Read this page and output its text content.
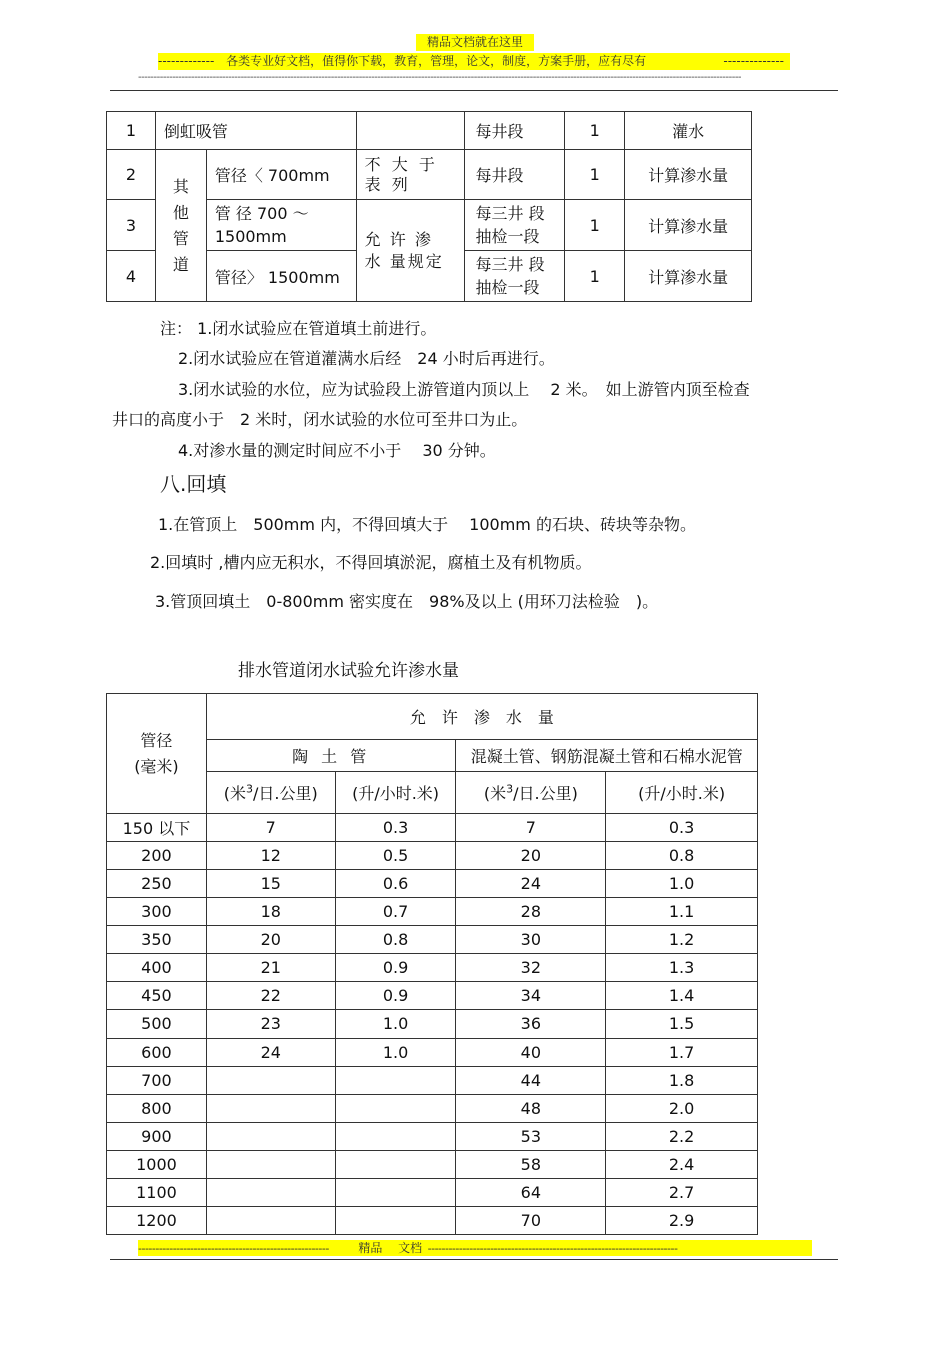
精品文档就在这里
------------- 各类专业好文档，值得你下载，教育，管理，论文，制度，方案手册，应有尽有	--------------
--------------------------------------------------------------------------------------------------------------------------------------------------------------------------------------------------
1	倒虹吸管			每井段	1	灌水
2	其他管道	管径〈 700mm	不 大 于 表 列	每井段	1	计算渗水量
3		管 径 700 ～ 1500mm	允 许 渗 水 量规定	每三井 段抽检一段	1	计算渗水量
4		管径〉 1500mm		每三井 段抽检一段	1	计算渗水量
注： 1.闭水试验应在管道填土前进行。
2.闭水试验应在管道灌满水后经　24 小时后再进行。
3.闭水试验的水位，应为试验段上游管道内顶以上　 2 米。　如上游管内顶至检查
井口的高度小于　2 米时，闭水试验的水位可至井口为止。
4.对渗水量的测定时间应不小于　 30 分钟。
八.回填
1.在管顶上　500mm 内，不得回填大于　 100mm 的石块、砖块等杂物。
2.回填时 ,槽内应无积水，不得回填淤泥，腐植土及有机物质。
3.管顶回填土　0-800mm 密实度在　98%及以上 (用环刀法检验　)。
排水管道闭水试验允许渗水量
管径
(毫米)	允　许　渗　水　量			
	陶 土 管		混凝土管、钢筋混凝土管和石棉水泥管	
	(米$^3$/日.公里)	(升/小时.米)	(米$^3$/日.公里)	(升/小时.米)
150 以下	7	0.3	7	0.3
200	12	0.5	20	0.8
250	15	0.6	24	1.0
300	18	0.7	28	1.1
350	20	0.8	30	1.2
400	21	0.9	32	1.3
450	22	0.9	34	1.4
500	23	1.0	36	1.5
600	24	1.0	40	1.7
700			44	1.8
800			48	2.0
900			53	2.2
1000			58	2.4
1100			64	2.7
1200			70	2.9
------------------------------------------------------- 精品　 文档 ------------------------------------------------------------------------
